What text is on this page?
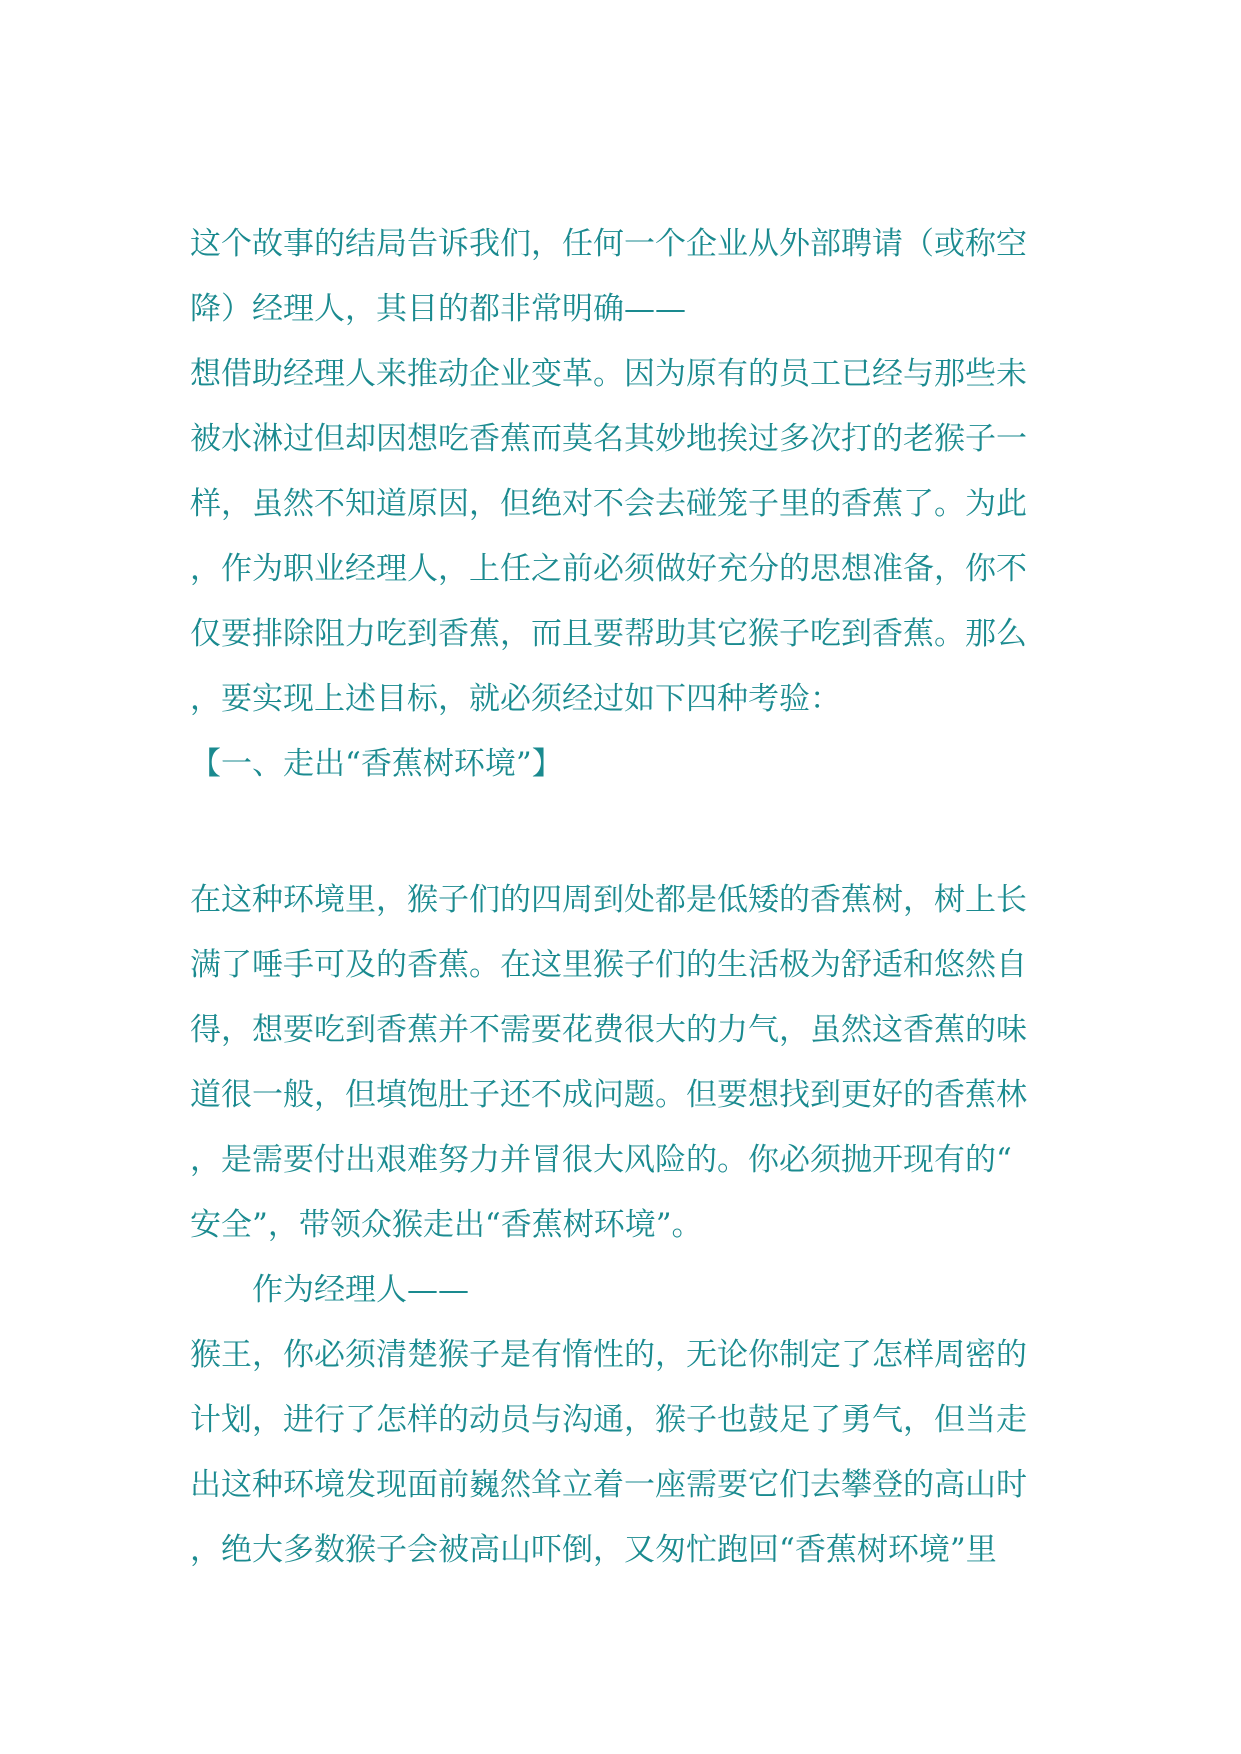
这个故事的结局告诉我们，任何一个企业从外部聘请（或称空
降）经理人，其目的都非常明确——
想借助经理人来推动企业变革。因为原有的员工已经与那些未
被水淋过但却因想吃香蕉而莫名其妙地挨过多次打的老猴子一
样，虽然不知道原因，但绝对不会去碰笼子里的香蕉了。为此
，作为职业经理人，上任之前必须做好充分的思想准备，你不
仅要排除阻力吃到香蕉，而且要帮助其它猴子吃到香蕉。那么
，要实现上述目标，就必须经过如下四种考验：
【一、走出“香蕉树环境”】
在这种环境里，猴子们的四周到处都是低矮的香蕉树，树上长
满了唾手可及的香蕉。在这里猴子们的生活极为舒适和悠然自
得，想要吃到香蕉并不需要花费很大的力气，虽然这香蕉的味
道很一般，但填饱肚子还不成问题。但要想找到更好的香蕉林
，是需要付出艰难努力并冒很大风险的。你必须抛开现有的“
安全”，带领众猴走出“香蕉树环境”。
作为经理人——
猴王，你必须清楚猴子是有惰性的，无论你制定了怎样周密的
计划，进行了怎样的动员与沟通，猴子也鼓足了勇气，但当走
出这种环境发现面前巍然耸立着一座需要它们去攀登的高山时
，绝大多数猴子会被高山吓倒，又匆忙跑回“香蕉树环境”里
